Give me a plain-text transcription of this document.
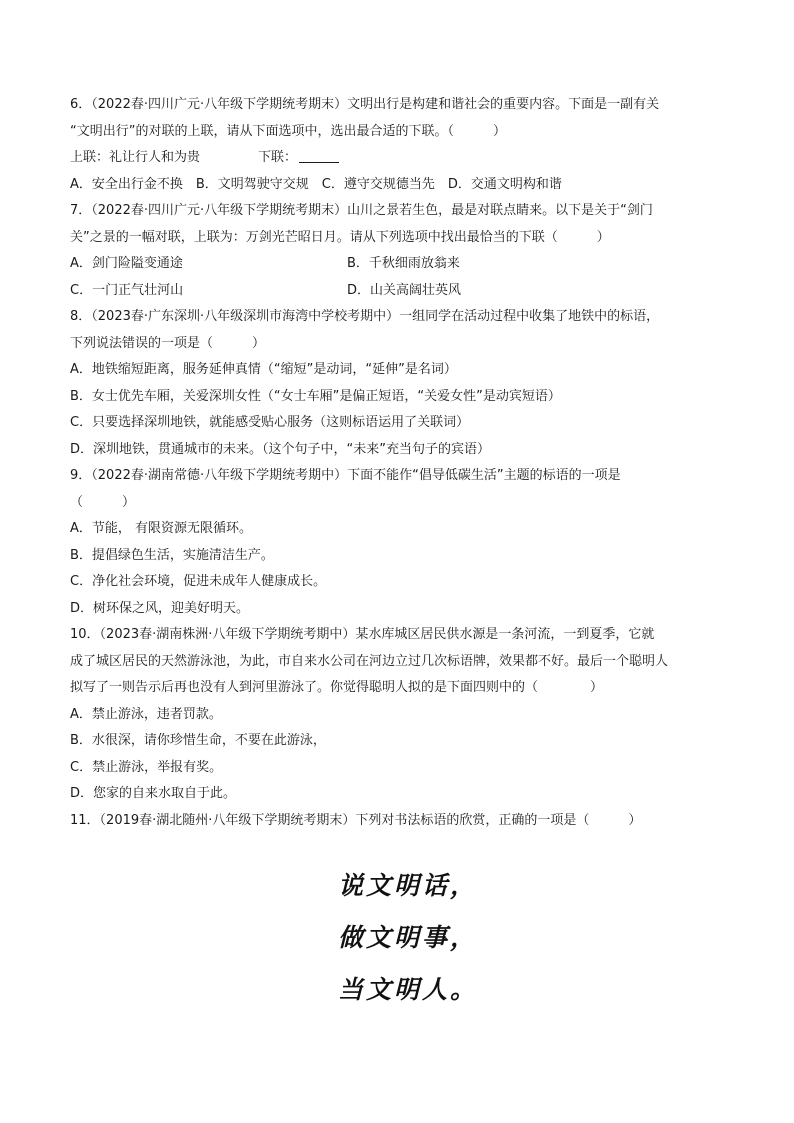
6．（2022春·四川广元·八年级下学期统考期末）文明出行是构建和谐社会的重要内容。下面是一副有关
“文明出行”的对联的上联，请从下面选项中，选出最合适的下联。（　　　）
上联：礼让行人和为贵	下联：
A．安全出行金不换　B．文明驾驶守交规　C．遵守交规德当先　D．交通文明构和谐
7．（2022春·四川广元·八年级下学期统考期末）山川之景若生色，最是对联点睛来。以下是关于“剑门
关”之景的一幅对联，上联为：万剑光芒昭日月。请从下列选项中找出最恰当的下联（　　　）
A．剑门险隘变通途	B．千秋细雨放翁来
C．一门正气壮河山	D．山关高阔壮英风
8．（2023春·广东深圳·八年级深圳市海湾中学校考期中）一组同学在活动过程中收集了地铁中的标语，
下列说法错误的一项是（　　　）
A．地铁缩短距离，服务延伸真情（“缩短”是动词，“延伸”是名词）
B．女士优先车厢，关爱深圳女性（“女士车厢”是偏正短语，“关爱女性”是动宾短语）
C．只要选择深圳地铁，就能感受贴心服务（这则标语运用了关联词）
D．深圳地铁，贯通城市的未来。（这个句子中，“未来”充当句子的宾语）
9．（2022春·湖南常德·八年级下学期统考期中）下面不能作“倡导低碳生活”主题的标语的一项是
（　　　）
A．节能， 有限资源无限循环。
B．提倡绿色生活，实施清洁生产。
C．净化社会环境，促进未成年人健康成长。
D．树环保之风，迎美好明天。
10．（2023春·湖南株洲·八年级下学期统考期中）某水库城区居民供水源是一条河流，一到夏季，它就
成了城区居民的天然游泳池，为此，市自来水公司在河边立过几次标语牌，效果都不好。最后一个聪明人
拟写了一则告示后再也没有人到河里游泳了。你觉得聪明人拟的是下面四则中的（　　　　）
A．禁止游泳，违者罚款。
B．水很深，请你珍惜生命，不要在此游泳，
C．禁止游泳，举报有奖。
D．您家的自来水取自于此。
11．（2019春·湖北随州·八年级下学期统考期末）下列对书法标语的欣赏，正确的一项是（　　　）
说文明话，
做文明事，
当文明人。
